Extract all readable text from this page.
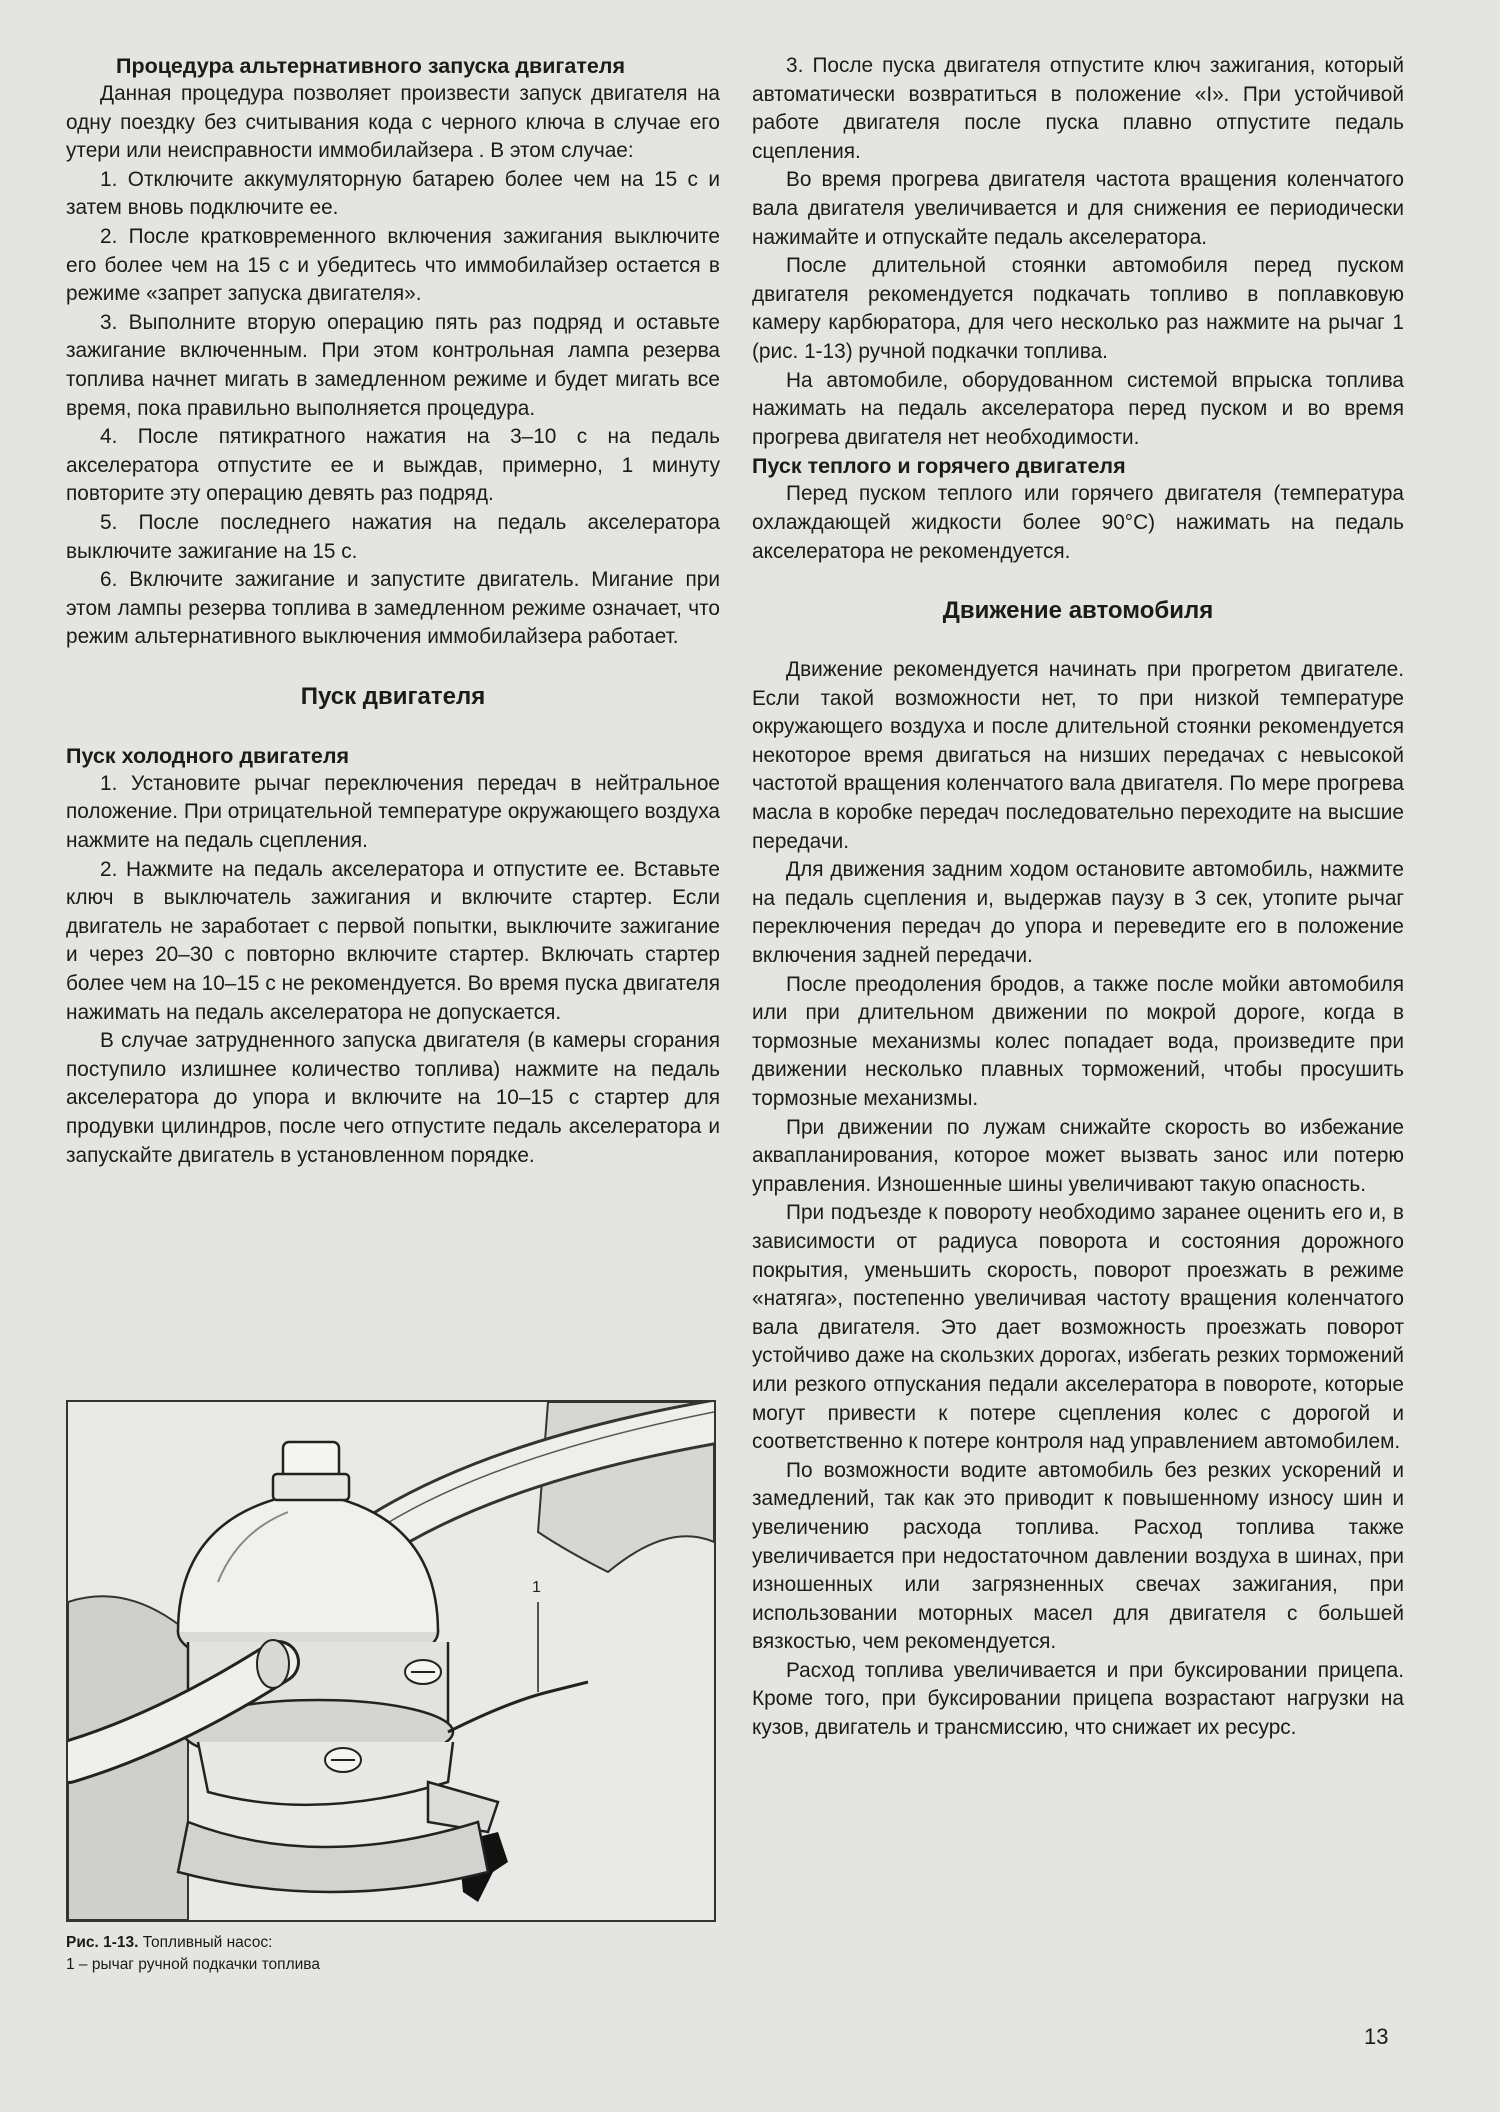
Процедура альтернативного запуска двигателя

Данная процедура позволяет произвести запуск двигателя на одну поездку без считывания кода с черного ключа в случае его утери или неисправности иммобилайзера . В этом случае:

1. Отключите аккумуляторную батарею более чем на 15 с и затем вновь подключите ее.

2. После кратковременного включения зажигания выключите его более чем на 15 с и убедитесь что иммобилайзер остается в режиме «запрет запуска двигателя».

3. Выполните вторую операцию пять раз подряд и оставьте зажигание включенным. При этом контрольная лампа резерва топлива начнет мигать в замедленном режиме и будет мигать все время, пока правильно выполняется процедура.

4. После пятикратного нажатия на 3–10 с на педаль акселератора отпустите ее и выждав, примерно, 1 минуту повторите эту операцию девять раз подряд.

5. После последнего нажатия на педаль акселератора выключите зажигание на 15 с.

6. Включите зажигание и запустите двигатель. Мигание при этом лампы резерва топлива в замедленном режиме означает, что режим альтернативного выключения иммобилайзера работает.

Пуск двигателя

Пуск холодного двигателя

1. Установите рычаг переключения передач в нейтральное положение. При отрицательной температуре окружающего воздуха нажмите на педаль сцепления.

2. Нажмите на педаль акселератора и отпустите ее. Вставьте ключ в выключатель зажигания и включите стартер. Если двигатель не заработает с первой попытки, выключите зажигание и через 20–30 с повторно включите стартер. Включать стартер более чем на 10–15 с не рекомендуется. Во время пуска двигателя нажимать на педаль акселератора не допускается.

В случае затрудненного запуска двигателя (в камеры сгорания поступило излишнее количество топлива) нажмите на педаль акселератора до упора и включите на 10–15 с стартер для продувки цилиндров, после чего отпустите педаль акселератора и запускайте двигатель в установленном порядке.

1
Рис. 1-13. Топливный насос:
1 – рычаг ручной подкачки топлива

3. После пуска двигателя отпустите ключ зажигания, который автоматически возвратиться в положение «I». При устойчивой работе двигателя после пуска плавно отпустите педаль сцепления.

Во время прогрева двигателя частота вращения коленчатого вала двигателя увеличивается и для снижения ее периодически нажимайте и отпускайте педаль акселератора.

После длительной стоянки автомобиля перед пуском двигателя рекомендуется подкачать топливо в поплавковую камеру карбюратора, для чего несколько раз нажмите на рычаг 1 (рис. 1-13) ручной подкачки топлива.

На автомобиле, оборудованном системой впрыска топлива нажимать на педаль акселератора перед пуском и во время прогрева двигателя нет необходимости.

Пуск теплого и горячего двигателя

Перед пуском теплого или горячего двигателя (температура охлаждающей жидкости более 90°С) нажимать на педаль акселератора не рекомендуется.

Движение автомобиля

Движение рекомендуется начинать при прогретом двигателе. Если такой возможности нет, то при низкой температуре окружающего воздуха и после длительной стоянки рекомендуется некоторое время двигаться на низших передачах с невысокой частотой вращения коленчатого вала двигателя. По мере прогрева масла в коробке передач последовательно переходите на высшие передачи.

Для движения задним ходом остановите автомобиль, нажмите на педаль сцепления и, выдержав паузу в 3 сек, утопите рычаг переключения передач до упора и переведите его в положение включения задней передачи.

После преодоления бродов, а также после мойки автомобиля или при длительном движении по мокрой дороге, когда в тормозные механизмы колес попадает вода, произведите при движении несколько плавных торможений, чтобы просушить тормозные механизмы.

При движении по лужам снижайте скорость во избежание аквапланирования, которое может вызвать занос или потерю управления. Изношенные шины увеличивают такую опасность.

При подъезде к повороту необходимо заранее оценить его и, в зависимости от радиуса поворота и состояния дорожного покрытия, уменьшить скорость, поворот проезжать в режиме «натяга», постепенно увеличивая частоту вращения коленчатого вала двигателя. Это дает возможность проезжать поворот устойчиво даже на скользких дорогах, избегать резких торможений или резкого отпускания педали акселератора в повороте, которые могут привести к потере сцепления колес с дорогой и соответственно к потере контроля над управлением автомобилем.

По возможности водите автомобиль без резких ускорений и замедлений, так как это приводит к повышенному износу шин и увеличению расхода топлива. Расход топлива также увеличивается при недостаточном давлении воздуха в шинах, при изношенных или загрязненных свечах зажигания, при использовании моторных масел для двигателя с большей вязкостью, чем рекомендуется.

Расход топлива увеличивается и при буксировании прицепа. Кроме того, при буксировании прицепа возрастают нагрузки на кузов, двигатель и трансмиссию, что снижает их ресурс.

13
